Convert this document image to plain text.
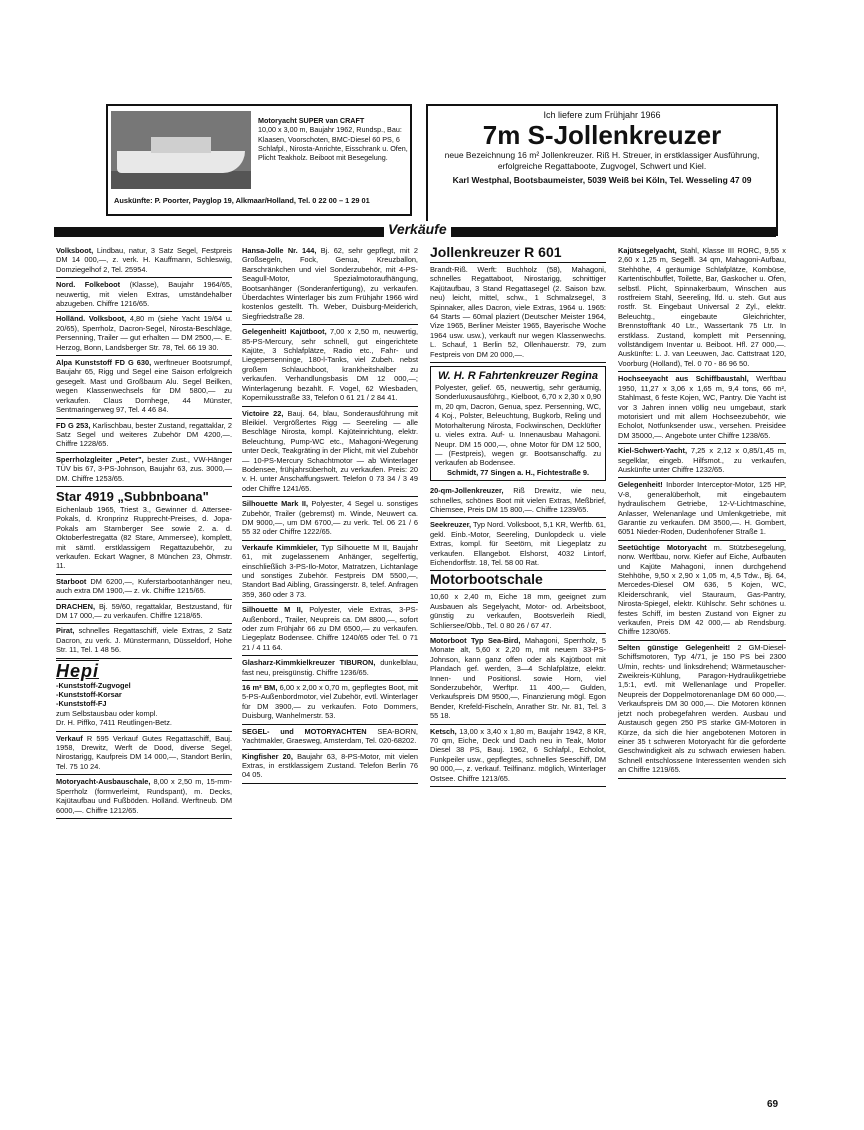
Motoryacht SUPER van CRAFT
10,00 x 3,00 m, Baujahr 1962, Rundsp., Bau: Klaasen, Voorschoten, BMC-Diesel 60 PS, 6 Schlafpl., Nirosta-Anrichte, Eisschrank u. Ofen, Plicht Teakholz. Beiboot mit Besegelung.
Auskünfte: P. Poorter, Payglop 19, Alkmaar/Holland, Tel. 0 22 00 – 1 29 01
Ich liefere zum Frühjahr 1966
7m S-Jollenkreuzer
neue Bezeichnung 16 m² Jollenkreuzer. Riß H. Streuer, in erstklassiger Ausführung, erfolgreiche Regattaboote, Zugvogel, Schwert und Kiel.
Karl Westphal, Bootsbaumeister, 5039 Weiß bei Köln, Tel. Wesseling 47 09
Verkäufe
Volksboot, Lindbau, natur, 3 Satz Segel, Festpreis DM 14 000,—, z. verk. H. Kauffmann, Schleswig, Domziegelhof 2, Tel. 25954.
Nord. Folkeboot (Klasse), Baujahr 1964/65, neuwertig, mit vielen Extras, umständehalber abzugeben. Chiffre 1216/65.
Holländ. Volksboot, 4,80 m (siehe Yacht 19/64 u. 20/65), Sperrholz, Dacron-Segel, Nirosta-Beschläge, Persenning, Trailer — gut erhalten — DM 2500,—. E. Herzog, Bonn, Landsberger Str. 78, Tel. 66 19 30.
Alpa Kunststoff FD G 630, werftneuer Bootsrumpf, Baujahr 65, Rigg und Segel eine Saison erfolgreich gesegelt. Mast und Großbaum Alu. Segel Beilken, wegen Klassenwechsels für DM 5800,— zu verkaufen. Claus Dornhege, 44 Münster, Sentmaringerweg 97, Tel. 4 46 84.
FD G 253, Karlischbau, bester Zustand, regattaklar, 2 Satz Segel und weiteres Zubehör DM 4200,—. Chiffre 1228/65.
Sperrholzgleiter „Peter", bester Zust., VW-Hänger TÜV bis 67, 3-PS-Johnson, Baujahr 63, zus. 3000,— DM. Chiffre 1253/65.
Star 4919 „Subbnboana"
Eichenlaub 1965, Triest 3., Gewinner d. Attersee-Pokals, d. Kronprinz Rupprecht-Preises, d. Jopa-Pokals am Starnberger See sowie 2. a. d. Oktoberfestregatta (82 Stare, Ammersee), komplett, mit sämtl. erstklassigem Regattazubehör, zu verkaufen. Eckart Wagner, 8 München 23, Ohmstr. 11.
Starboot DM 6200,—, Kuferstarbootanhänger neu, auch extra DM 1900,— z. vk. Chiffre 1215/65.
DRACHEN, Bj. 59/60, regattaklar, Bestzustand, für DM 17 000,— zu verkaufen. Chiffre 1218/65.
Pirat, schnelles Regattaschiff, viele Extras, 2 Satz Dacron, zu verk. J. Münstermann, Düsseldorf, Hohe Str. 11, Tel. 1 48 56.
Hepi
-Kunststoff-Zugvogel
-Kunststoff-Korsar
-Kunststoff-FJ
zum Selbstausbau oder kompl.
Dr. H. Piffko, 7411 Reutlingen-Betz.
Verkauf R 595 Verkauf Gutes Regattaschiff, Bauj. 1958, Drewitz, Werft de Dood, diverse Segel, Nirostarigg, Kaufpreis DM 14 000,—, Standort Berlin, Tel. 75 10 24.
Motoryacht-Ausbauschale, 8,00 x 2,50 m, 15-mm-Sperrholz (formverleimt, Rundspant), m. Decks, Kajütaufbau und Fußböden. Holländ. Werftneub. DM 6000,—. Chiffre 1212/65.
Hansa-Jolle Nr. 144, Bj. 62, sehr gepflegt, mit 2 Großsegeln, Fock, Genua, Kreuzballon, Barschränkchen und viel Sonderzubehör, mit 4-PS-Seagull-Motor, Spezialmotoraufhängung, Bootsanhänger (Sonderanfertigung), zu verkaufen. Überdachtes Winterlager bis zum Frühjahr 1966 wird kostenlos gestellt. Th. Weber, Duisburg-Meiderich, Siegfriedstraße 28.
Gelegenheit! Kajütboot, 7,00 x 2,50 m, neuwertig, 85-PS-Mercury, sehr schnell, gut eingerichtete Kajüte, 3 Schlafplätze, Radio etc., Fahr- und Liegepersenninge, 180-l-Tanks, viel Zubeh. nebst großem Schlauchboot, krankheitshalber zu verkaufen. Verhandlungsbasis DM 12 000,—; Winterlagerung bezahlt. F. Vogel, 62 Wiesbaden, Kopernikusstraße 33, Telefon 0 61 21 / 2 84 41.
Victoire 22, Bauj. 64, blau, Sonderausführung mit Bleikiel. Vergrößertes Rigg — Seereling — alle Beschläge Nirosta, kompl. Kajüteinrichtung, elektr. Beleuchtung, Pump-WC etc., Mahagoni-Wegerung unter Deck, Teakgräting in der Plicht, mit viel Zubehör — 10-PS-Mercury Schachtmotor — ab Winterlager Bodensee, frühjahrsüberholt, zu verkaufen. Preis: 20 v. H. unter Anschaffungswert. Telefon 0 73 34 / 3 49 oder Chiffre 1241/65.
Silhouette Mark II, Polyester, 4 Segel u. sonstiges Zubehör, Trailer (gebremst) m. Winde, Neuwert ca. DM 9000,—, um DM 6700,— zu verk. Tel. 06 21 / 6 55 32 oder Chiffre 1222/65.
Verkaufe Kimmkieler, Typ Silhouette M II, Baujahr 61, mit zugelassenem Anhänger, segelfertig, einschließlich 3-PS-Ilo-Motor, Matratzen, Lichtanlage und sonstiges Zubehör. Festpreis DM 5500,—, Standort Bad Aibling, Grassingerstr. 8, telef. Anfragen 359, 360 oder 3 73.
Silhouette M II, Polyester, viele Extras, 3-PS-Außenbord., Trailer, Neupreis ca. DM 8800,—, sofort oder zum Frühjahr 66 zu DM 6500,— zu verkaufen. Liegeplatz Bodensee. Chiffre 1240/65 oder Tel. 0 71 21 / 4 11 64.
Glasharz-Kimmkielkreuzer TIBURON, dunkelblau, fast neu, preisgünstig. Chiffre 1236/65.
16 m² BM, 6,00 x 2,00 x 0,70 m, gepflegtes Boot, mit 5-PS-Außenbordmotor, viel Zubehör, evtl. Winterlager für DM 3900,— zu verkaufen. Foto Dommers, Duisburg, Wanhelmerstr. 53.
SEGEL- und MOTORYACHTEN SEA-BORN, Yachtmakler, Graesweg, Amsterdam, Tel. 020-68202.
Kingfisher 20, Baujahr 63, 8-PS-Motor, mit vielen Extras, in erstklassigem Zustand. Telefon Berlin 76 04 05.
Jollenkreuzer R 601
Brandt-Riß. Werft: Buchholz (58), Mahagoni, schnelles Regattaboot, Nirostarigg, schnittiger Kajütaufbau, 3 Stand Regattasegel (2. Saison bzw. neu) leicht, mittel, schw., 1 Schmalzsegel, 3 Spinnaker, alles Dacron, viele Extras, 1964 u. 1965: 64 Starts — 60mal plaziert (Deutscher Meister 1964, Vize 1965, Berliner Meister 1965, Bayerische Woche 1964 usw. usw.), verkauft nur wegen Klassenwechs. L. Schauf, 1 Berlin 52, Ollenhauerstr. 79, zum Festpreis von DM 20 000,—.
W. H. R Fahrtenkreuzer Regina
Polyester, gelief. 65, neuwertig, sehr geräumig, Sonderluxusausführg., Kielboot, 6,70 x 2,30 x 0,90 m, 20 qm, Dacron, Genua, spez. Persenning, WC, 4 Koj., Polster, Beleuchtung, Bugkorb, Reling und Motorhalterung Nirosta, Fockwinschen, Decklüfter u. vieles extra. Auf- u. Innenausbau Mahagoni. Neupr. DM 15 000,—, ohne Motor für DM 12 500,— (Festpreis), wegen gr. Bootsanschaffg. zu verkaufen ab Bodensee.
Schmidt, 77 Singen a. H., Fichtestraße 9.
20-qm-Jollenkreuzer, Riß Drewitz, wie neu, schnelles, schönes Boot mit vielen Extras, Meßbrief, Chiemsee, Preis DM 15 800,—. Chiffre 1239/65.
Seekreuzer, Typ Nord. Volksboot, 5,1 KR, Werftb. 61, gekl. Einb.-Motor, Seereling, Dunlopdeck u. viele Extras, kompl. für Seetörn, mit Liegeplatz zu verkaufen. Ellangebot. Elshorst, 4032 Lintorf, Eichendorffstr. 18, Tel. 58 00 Rat.
Motorbootschale
10,60 x 2,40 m, Eiche 18 mm, geeignet zum Ausbauen als Segelyacht, Motor- od. Arbeitsboot, günstig zu verkaufen, Bootsverleih Riedl, Schliersee/Obb., Tel. 0 80 26 / 67 47.
Motorboot Typ Sea-Bird, Mahagoni, Sperrholz, 5 Monate alt, 5,60 x 2,20 m, mit neuem 33-PS-Johnson, kann ganz offen oder als Kajütboot mit Plandach gef. werden, 3—4 Schlafplätze, elektr. Innen- und Positionsl. sowie Horn, viel Sonderzubehör, Werftpr. 11 400,— Gulden, Verkaufspreis DM 9500,—, Finanzierung mögl. Egon Bender, Krefeld-Fischeln, Anrather Str. Nr. 81, Tel. 3 55 18.
Ketsch, 13,00 x 3,40 x 1,80 m, Baujahr 1942, 8 KR, 70 qm, Eiche, Deck und Dach neu in Teak, Motor Diesel 38 PS, Bauj. 1962, 6 Schlafpl., Echolot, Funkpeiler usw., gepflegtes, schnelles Seeschiff, DM 90 000,—, z. verkauf. Teilfinanz. möglich, Winterlager Ostsee. Chiffre 1213/65.
Kajütsegelyacht, Stahl, Klasse III RORC, 9,55 x 2,60 x 1,25 m, Segelfl. 34 qm, Mahagoni-Aufbau, Stehhöhe, 4 geräumige Schlafplätze, Kombüse, Kartentischbuffet, Toilette, Bar, Gaskocher u. Ofen, selbstl. Plicht, Spinnakerbaum, Winschen aus rostfreiem Stahl, Seereling, lfd. u. steh. Gut aus rostfr. St. Eingebaut Universal 2 Zyl., elektr. Beleuchtg., eingebaute Gleichrichter, Brennstofftank 40 Ltr., Wassertank 75 Ltr. In erstklass. Zustand, komplett mit Persenning, vollständigem Inventar u. Beiboot. Hfl. 27 000,—. Auskünfte: L. J. van Leeuwen, Jac. Cattstraat 120, Voorburg (Holland), Tel. 0 70 - 86 96 50.
Hochseeyacht aus Schiffbaustahl, Werftbau 1950, 11,27 x 3,06 x 1,65 m, 9,4 tons, 66 m², Stahlmast, 6 feste Kojen, WC, Pantry. Die Yacht ist vor 3 Jahren innen völlig neu umgebaut, stark motorisiert und mit allem Hochseezubehör, wie Echolot, Notfunksender usw., versehen. Preisidee DM 35000,—. Angebote unter Chiffre 1238/65.
Kiel-Schwert-Yacht, 7,25 x 2,12 x 0,85/1,45 m, segelklar, eingeb. Hilfsmot., zu verkaufen, Auskünfte unter Chiffre 1232/65.
Gelegenheit! Inborder Interceptor-Motor, 125 HP, V-8, generalüberholt, mit eingebautem hydraulischem Getriebe, 12-V-Lichtmaschine, Anlasser, Welenanlage und Umlenkgetriebe, mit Garantie zu verkaufen. DM 3500,—. H. Gombert, 6051 Nieder-Roden, Dudenhofener Straße 1.
Seetüchtige Motoryacht m. Stützbesegelung, norw. Werftbau, norw. Kiefer auf Eiche, Aufbauten und Kajüte Mahagoni, innen durchgehend Stehhöhe, 9,50 x 2,90 x 1,05 m, 4,5 Tdw., Bj. 64, Mercedes-Diesel OM 636, 5 Kojen, WC, Kleiderschrank, viel Stauraum, Gas-Pantry, Nirosta-Spiegel, elektr. Kühlschr. Sehr schönes u. festes Schiff, im besten Zustand von Eigner zu verkaufen, Preis DM 42 000,— ab Rendsburg. Chiffre 1230/65.
Selten günstige Gelegenheit! 2 GM-Diesel-Schiffsmotoren, Typ 4/71, je 150 PS bei 2300 U/min, rechts- und linksdrehend; Wärmetauscher-Zweikreis-Kühlung, Paragon-Hydraulikgetriebe 1,5:1, evtl. mit Wellenanlage und Propeller. Neupreis der Doppelmotorenanlage DM 60 000,—. Verkaufspreis DM 30 000,—. Die Motoren können jetzt noch probegefahren werden. Ausbau und Austausch gegen 250 PS starke GM-Motoren in Kürze, da sich die hier angebotenen Motoren in einer 35 t schweren Motoryacht für die geforderte Geschwindigkeit als zu schwach erwiesen haben. Schnell entschlossene Interessenten wenden sich an Chiffre 1219/65.
69
